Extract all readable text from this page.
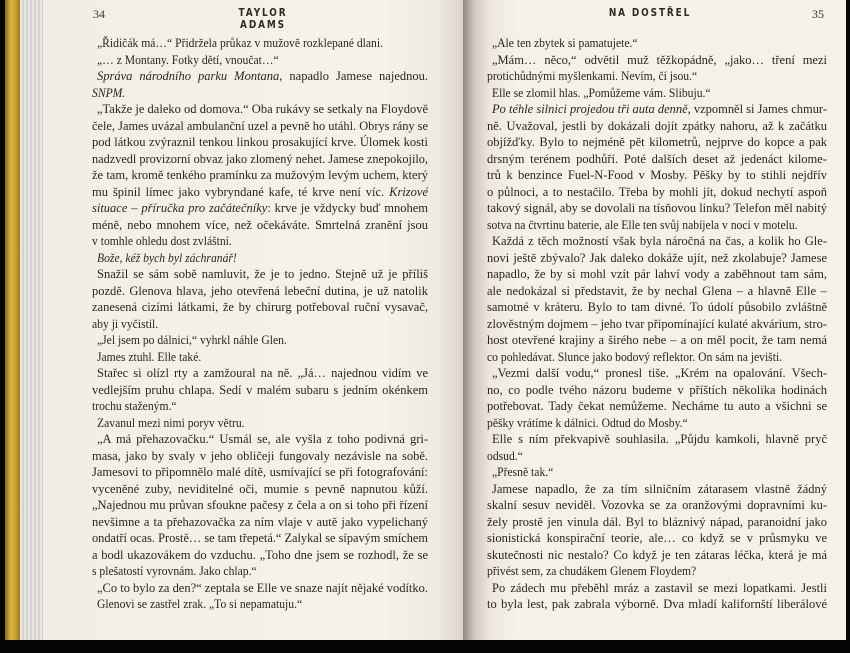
34	TAYLOR ADAMS
„Řidičák má…“ Přidržela průkaz v mužově rozklepané dlani.
„… z Montany. Fotky dětí, vnoučat…“
Správa národního parku Montana, napadlo Jamese najednou.
SNPM.
„Takže je daleko od domova.“ Oba rukávy se setkaly na Floydově
čele, James uvázal ambulanční uzel a pevně ho utáhl. Obrys rány se
pod látkou zvýraznil tenkou linkou prosakující krve. Úlomek kosti
nadzvedl provizorní obvaz jako zlomený nehet. Jamese znepokojilo,
že tam, kromě tenkého pramínku za mužovým levým uchem, který
mu špinil límec jako vybryndané kafe, té krve není víc. Krizové
situace – příručka pro začátečníky: krve je vždycky buď mnohem
méně, nebo mnohem více, než očekáváte. Smrtelná zranění jsou
v tomhle ohledu dost zvláštní.
Bože, kéž bych byl záchranář!
Snažil se sám sobě namluvit, že je to jedno. Stejně už je příliš
pozdě. Glenova hlava, jeho otevřená lebeční dutina, je už natolik
zanesená cizími látkami, že by chirurg potřeboval ruční vysavač,
aby ji vyčistil.
„Jel jsem po dálnici,“ vyhrkl náhle Glen.
James ztuhl. Elle také.
Stařec si olízl rty a zamžoural na ně. „Já… najednou vidím ve
vedlejším pruhu chlapa. Sedí v malém subaru s jedním okénkem
trochu staženým.“
Zavanul mezi nimi poryv větru.
„A má přehazovačku.“ Usmál se, ale vyšla z toho podivná gri-
masa, jako by svaly v jeho obličeji fungovaly nezávisle na sobě.
Jamesovi to připomnělo malé dítě, usmívající se při fotografování:
vyceněné zuby, neviditelné oči, mumie s pevně napnutou kůží.
„Najednou mu průvan sfoukne pačesy z čela a on si toho při řízení
nevšimne a ta přehazovačka za ním vlaje v autě jako vypelichaný
ondatří ocas. Prostě… se tam třepetá.“ Zalykal se sípavým smíchem
a bodl ukazovákem do vzduchu. „Toho dne jsem se rozhodl, že se
s plešatostí vyrovnám. Jako chlap.“
„Co to bylo za den?“ zeptala se Elle ve snaze najít nějaké vodítko.
Glenovi se zastřel zrak. „To si nepamatuju.“
NA DOSTŘEL	35
„Ale ten zbytek si pamatujete.“
„Mám… něco,“ odvětil muž těžkopádně, „jako… tření mezi
protichůdnými myšlenkami. Nevím, čí jsou.“
Elle se zlomil hlas. „Pomůžeme vám. Slibuju.“
Po téhle silnici projedou tři auta denně, vzpomněl si James chmur-
ně. Uvažoval, jestli by dokázali dojít zpátky nahoru, až k začátku
objížďky. Bylo to nejméně pět kilometrů, nejprve do kopce a pak
drsným terénem podhůří. Poté dalších deset až jedenáct kilome-
trů k benzince Fuel-N-Food v Mosby. Pěšky by to stihli nejdřív
o půlnoci, a to nestačilo. Třeba by mohli jít, dokud nechytí aspoň
takový signál, aby se dovolali na tísňovou linku? Telefon měl nabitý
sotva na čtvrtinu baterie, ale Elle ten svůj nabíjela v noci v motelu.
Každá z těch možností však byla náročná na čas, a kolik ho Gle-
novi ještě zbývalo? Jak daleko dokáže ujít, než zkolabuje? Jamese
napadlo, že by si mohl vzít pár lahví vody a zaběhnout tam sám,
ale nedokázal si představit, že by nechal Glena – a hlavně Elle –
samotné v kráteru. Bylo to tam divné. To údolí působilo zvláštně
zlověstným dojmem – jeho tvar připomínající kulaté akvárium, stro-
host otevřené krajiny a širého nebe – a on měl pocit, že tam nemá
co pohledávat. Slunce jako bodový reflektor. On sám na jevišti.
„Vezmi další vodu,“ pronesl tiše. „Krém na opalování. Všech-
no, co podle tvého názoru budeme v příštích několika hodinách
potřebovat. Tady čekat nemůžeme. Necháme tu auto a všichni se
pěšky vrátíme k dálnici. Odtud do Mosby.“
Elle s ním překvapivě souhlasila. „Půjdu kamkoli, hlavně pryč
odsud.“
„Přesně tak.“
Jamese napadlo, že za tím silničním zátarasem vlastně žádný
skalní sesuv neviděl. Vozovka se za oranžovými dopravními ku-
žely prostě jen vinula dál. Byl to bláznivý nápad, paranoidní jako
sionistická konspirační teorie, ale… co když se v průsmyku ve
skutečnosti nic nestalo? Co když je ten zátaras léčka, která je má
přivést sem, za chudákem Glenem Floydem?
Po zádech mu přeběhl mráz a zastavil se mezi lopatkami. Jestli
to byla lest, pak zabrala výborně. Dva mladí kalifornští liberálové
